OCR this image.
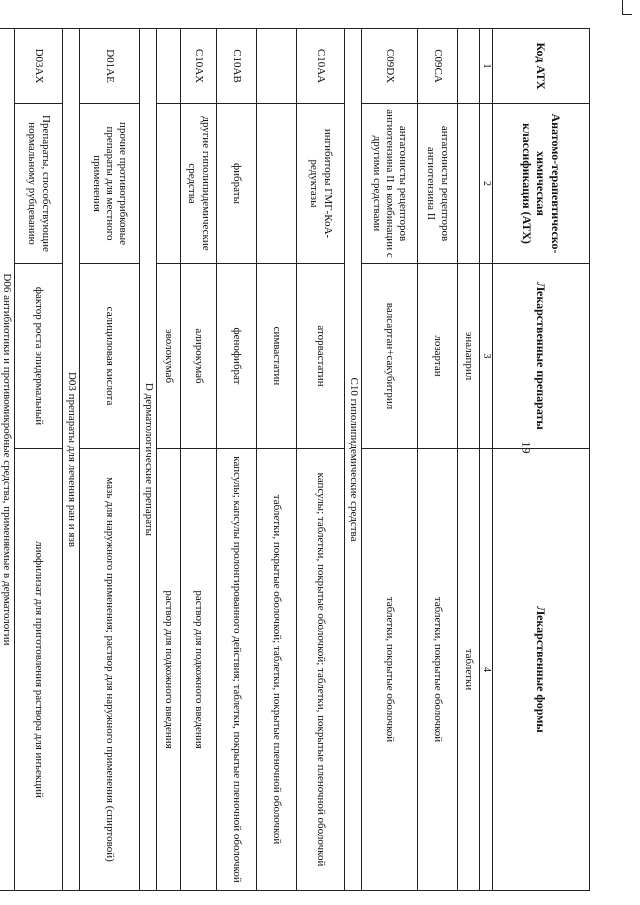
19
Код АТХ	Анатомо-терапевтическо-химическая классификация (АТХ)	Лекарственные препараты	Лекарственные формы
1	2	3	4
		эналаприл	таблетки
C09CA	антагонисты рецепторов ангиотензина II	лозартан	таблетки, покрытые оболочкой
C09DX	антагонисты рецепторов ангиотензина II в комбинации с другими средствами	валсартан+сакубитрил	таблетки, покрытые оболочкой
C10 гиполипидемические средства			
C10AA	ингибиторы ГМГ-КоА-редуктазы	аторвастатин	капсулы; таблетки, покрытые оболочкой; таблетки, покрытые пленочной оболочкой
		симвастатин	таблетки, покрытые оболочкой; таблетки, покрытые пленочной оболочкой
C10AB	фибраты	фенофибрат	капсулы; капсулы пролонгированного действия; таблетки, покрытые пленочной оболочкой
C10AX	другие гиполипидемические средства	алирокумаб	раствор для подкожного введения
		эволокумаб	раствор для подкожного введения
D дерматологические препараты			
D01AE	прочие противогрибковые препараты для местного применения	салициловая кислота	мазь для наружного применения; раствор для наружного применения (спиртовой)
D03 препараты для лечения ран и язв			
D03AX	Препараты, способствующие нормальному рубцеванию	фактор роста эпидермальный	лиофилизат для приготовления раствора для инъекций
D06 антибиотики и противомикробные средства, применяемые в дерматологии			
